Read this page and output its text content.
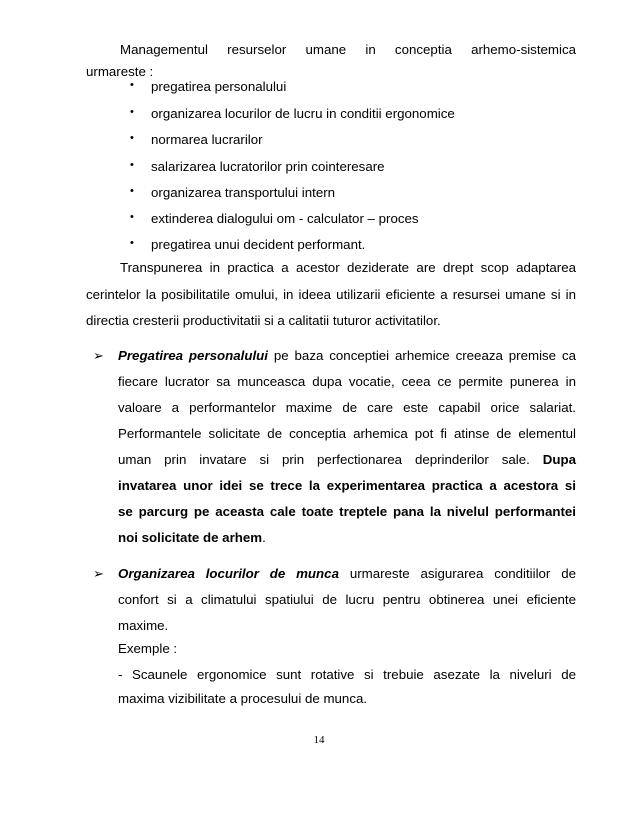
Managementul resurselor umane in conceptia arhemo-sistemica
urmareste :
• pregatirea personalului
• organizarea locurilor de lucru in conditii ergonomice
• normarea lucrarilor
• salarizarea lucratorilor prin cointeresare
• organizarea transportului intern
• extinderea dialogului om - calculator – proces
• pregatirea unui decident performant.
Transpunerea in practica a acestor deziderate are drept scop adaptarea
cerintelor la posibilitatile omului, in ideea utilizarii eficiente a resursei umane si in
directia cresterii productivitatii si a calitatii tuturor activitatilor.
➢ Pregatirea personalului pe baza conceptiei arhemice creeaza premise ca
fiecare lucrator sa munceasca dupa vocatie, ceea ce permite punerea in
valoare a performantelor maxime de care este capabil orice salariat.
Performantele solicitate de conceptia arhemica pot fi atinse de elementul
uman prin invatare si prin perfectionarea deprinderilor sale. Dupa
invatarea unor idei se trece la experimentarea practica a acestora si
se parcurg pe aceasta cale toate treptele pana la nivelul performantei
noi solicitate de arhem.
➢ Organizarea locurilor de munca urmareste asigurarea conditiilor de
confort si a climatului spatiului de lucru pentru obtinerea unei eficiente
maxime.
Exemple :
- Scaunele ergonomice sunt rotative si trebuie asezate la niveluri de
maxima vizibilitate a procesului de munca.
14
